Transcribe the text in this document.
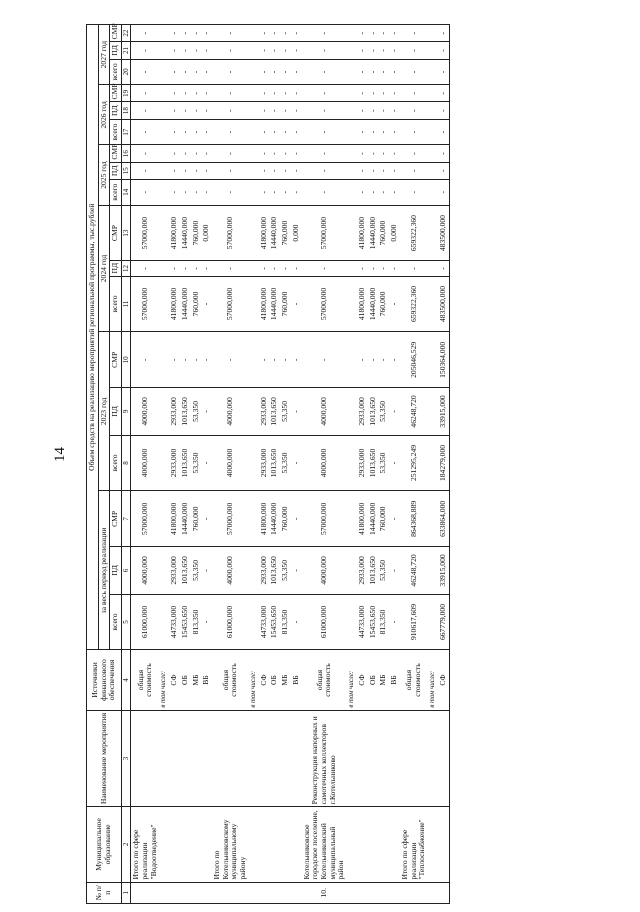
14
№ п/п	Муниципальное образование	Наименование мероприятия	Источники финансового обеспечения	Объем средств на реализацию мероприятий региональной программы, тыс.рублей																	
				за весь период реализации			2023 год			2024 год			2025 год			2026 год			2027 год		
				всего	ПД	СМР	всего	ПД	СМР	всего	ПД	СМР	всего	ПД	СМР	всего	ПД	СМР	всего	ПД	СМР
1	2	3	4	5	6	7	8	9	10	11	12	13	14	15	16	17	18	19	20	21	22
	Итого по сфере реализации "Водоотведение"		общая стоимость	61000,000	4000,000	57000,000	4000,000	4000,000	-	57000,000	-	57000,000	-	-	-	-	-	-	-	-	-
			в том числе:																		
			СФ	44733,000	2933,000	41800,000	2933,000	2933,000	-	41800,000	-	41800,000	-	-	-	-	-	-	-	-	-
			ОБ	15453,650	1013,650	14440,000	1013,650	1013,650	-	14440,000	-	14440,000	-	-	-	-	-	-	-	-	-
			МБ	813,350	53,350	760,000	53,350	53,350	-	760,000	-	760,000	-	-	-	-	-	-	-	-	-
			ВБ	-	-	-	-	-	-	-	-	0,000	-	-	-	-	-	-	-	-	-
	Итого по Котельниковскому муниципальному району		общая стоимость	61000,000	4000,000	57000,000	4000,000	4000,000	-	57000,000	-	57000,000	-	-	-	-	-	-	-	-	-
			в том числе:																		
			СФ	44733,000	2933,000	41800,000	2933,000	2933,000	-	41800,000	-	41800,000	-	-	-	-	-	-	-	-	-
			ОБ	15453,650	1013,650	14440,000	1013,650	1013,650	-	14440,000	-	14440,000	-	-	-	-	-	-	-	-	-
			МБ	813,350	53,350	760,000	53,350	53,350	-	760,000	-	760,000	-	-	-	-	-	-	-	-	-
			ВБ	-	-	-	-	-	-	-	-	0,000	-	-	-	-	-	-	-	-	-
10.	Котельниковское городское поселение, Котельниковский муниципальный район	Реконструкция напорных и самотечных коллекторов г.Котельниково	общая стоимость	61000,000	4000,000	57000,000	4000,000	4000,000	-	57000,000	-	57000,000	-	-	-	-	-	-	-	-	-
			в том числе:																		
			СФ	44733,000	2933,000	41800,000	2933,000	2933,000	-	41800,000	-	41800,000	-	-	-	-	-	-	-	-	-
			ОБ	15453,650	1013,650	14440,000	1013,650	1013,650	-	14440,000	-	14440,000	-	-	-	-	-	-	-	-	-
			МБ	813,350	53,350	760,000	53,350	53,350	-	760,000	-	760,000	-	-	-	-	-	-	-	-	-
			ВБ	-	-	-	-	-	-	-	-	0,000	-	-	-	-	-	-	-	-	-
	Итого по сфере реализации "Теплоснабжение"		общая стоимость	910617,609	46248,720	864368,889	251295,249	46248,720	205046,529	659322,360	-	659322,360	-	-	-	-	-	-	-	-	-
			в том числе:																		
			СФ	667779,000	33915,000	633864,000	184279,000	33915,000	150364,000	483500,000	-	483500,000	-	-	-	-	-	-	-	-	-
